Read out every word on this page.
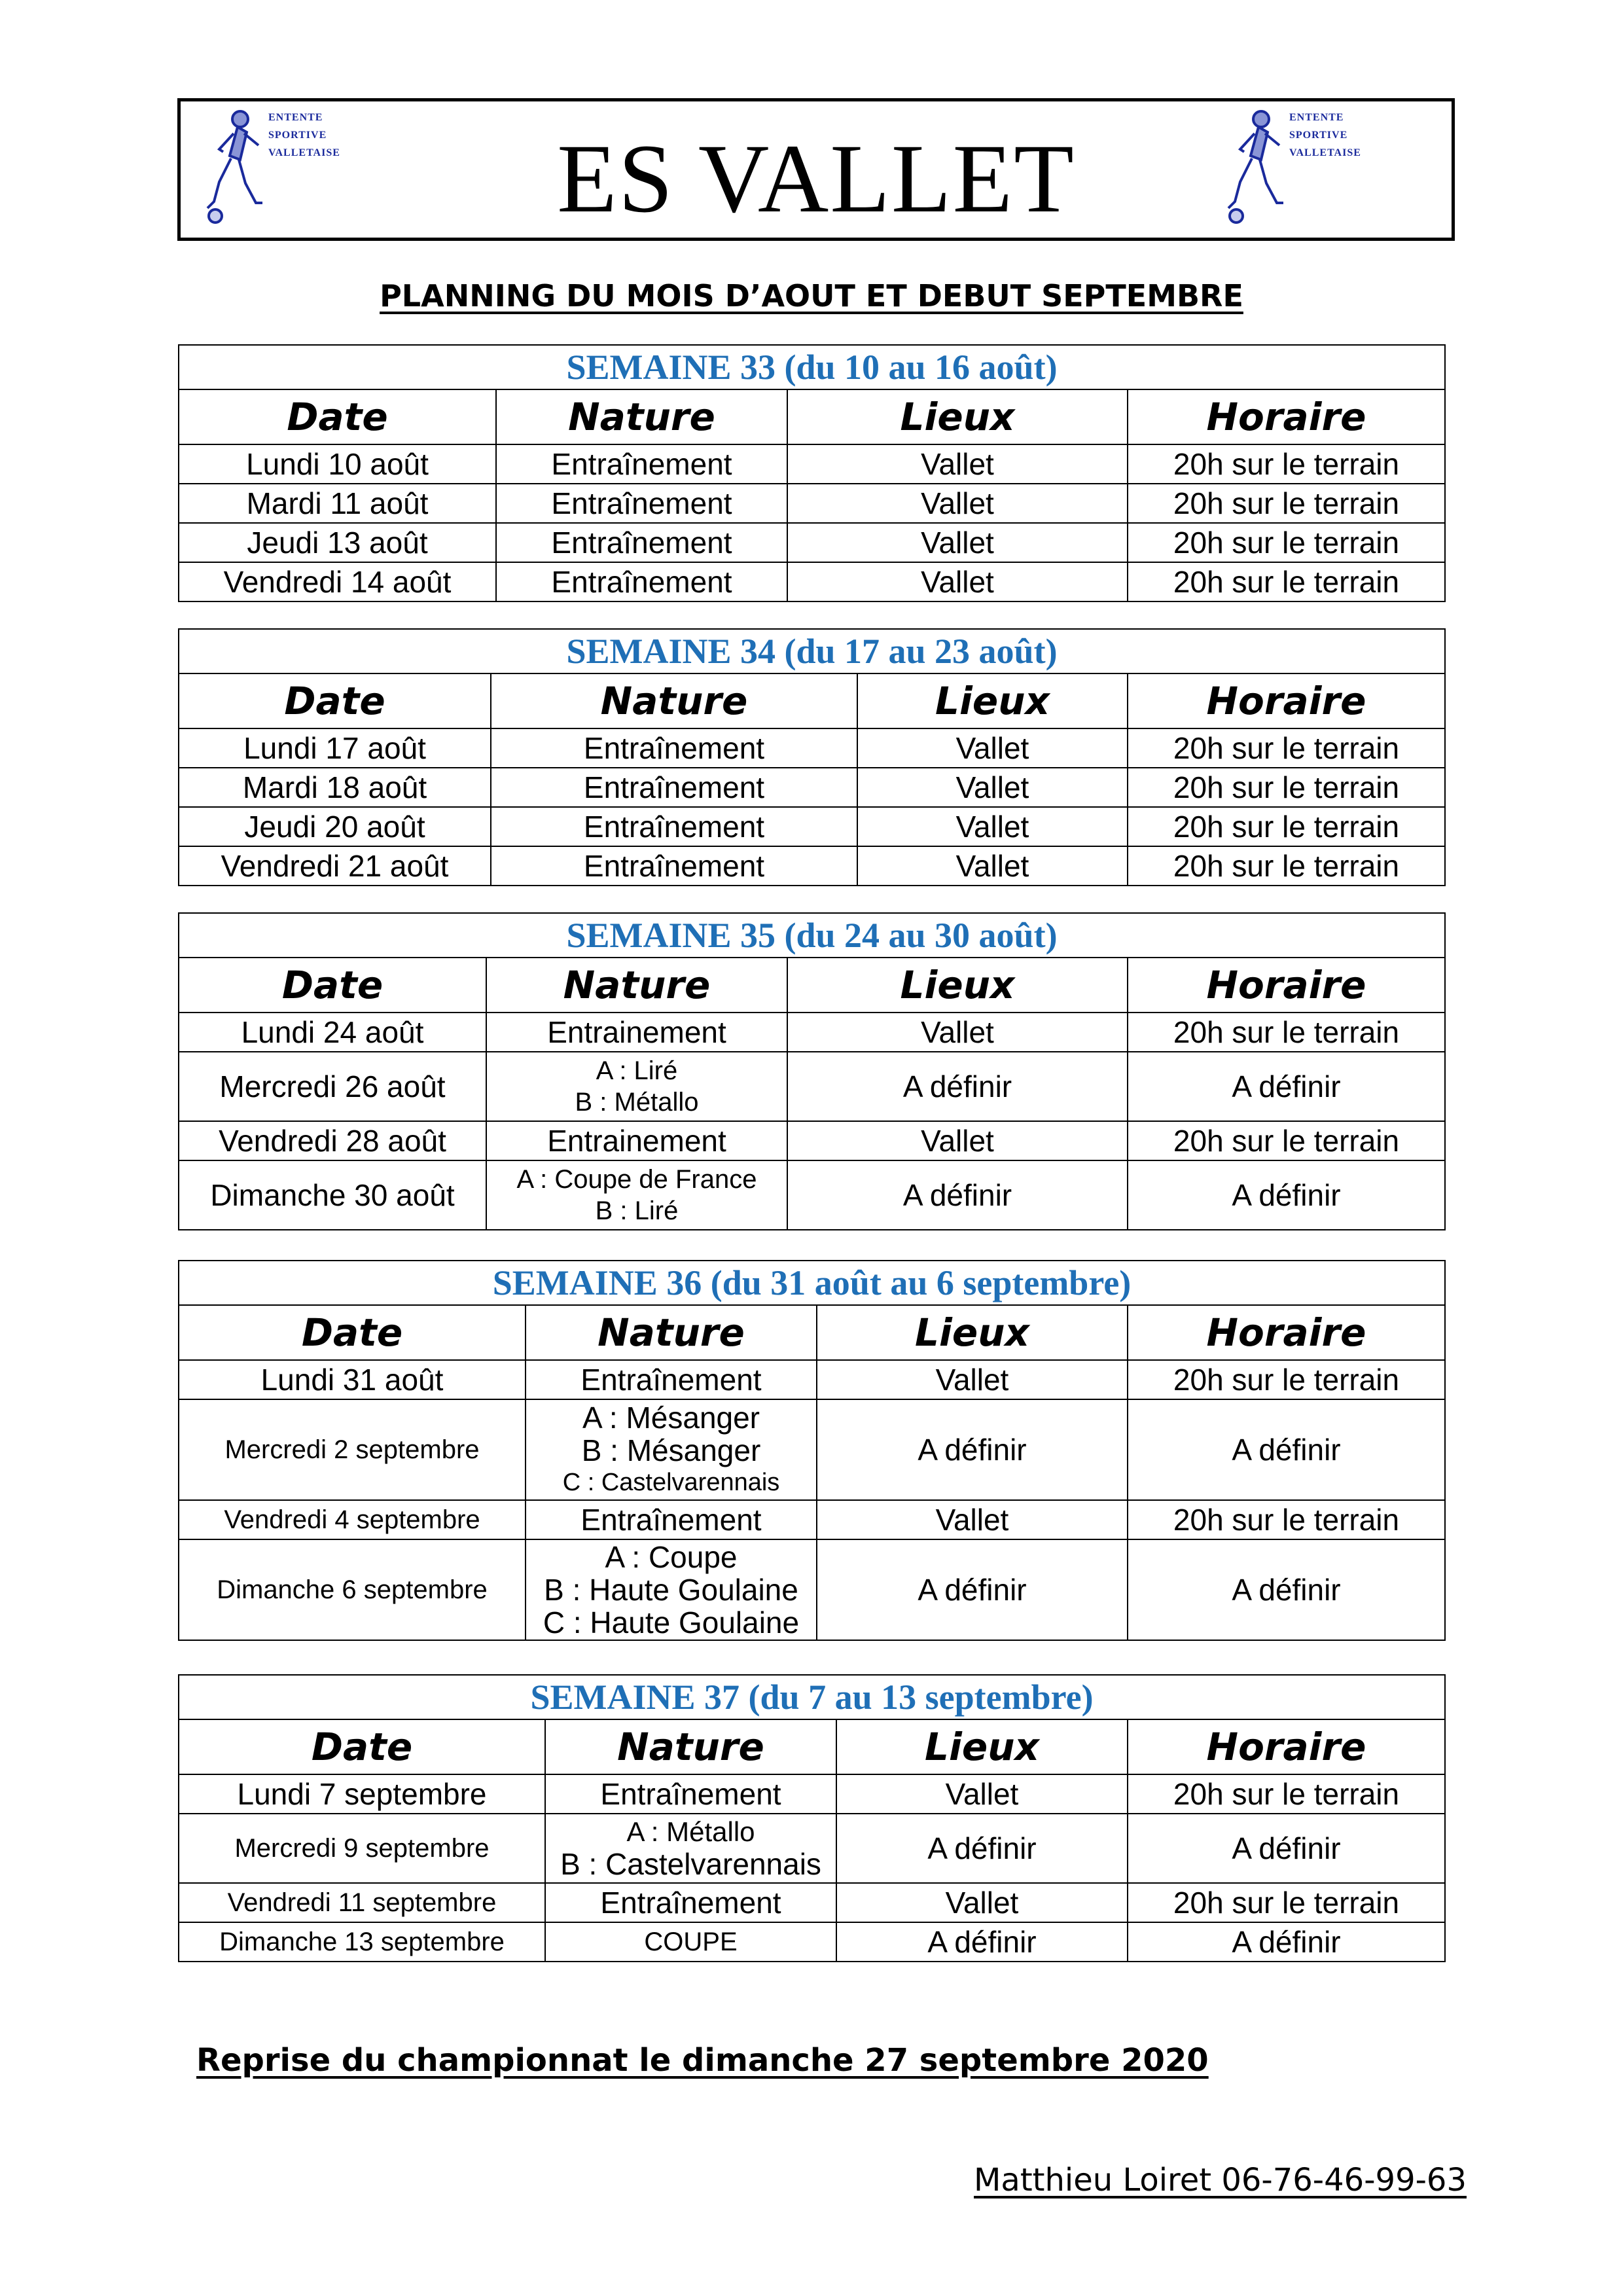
ES VALLET
ENTENTE
SPORTIVE
VALLETAISE
ENTENTE
SPORTIVE
VALLETAISE
PLANNING DU MOIS D’AOUT ET DEBUT SEPTEMBRE
SEMAINE 33 (du 10 au 16 août)			
Date	Nature	Lieux	Horaire
Lundi 10 août	Entraînement	Vallet	20h sur le terrain
Mardi 11 août	Entraînement	Vallet	20h sur le terrain
Jeudi 13 août	Entraînement	Vallet	20h sur le terrain
Vendredi 14 août	Entraînement	Vallet	20h sur le terrain
SEMAINE 34 (du 17 au 23 août)			
Date	Nature	Lieux	Horaire
Lundi 17 août	Entraînement	Vallet	20h sur le terrain
Mardi 18 août	Entraînement	Vallet	20h sur le terrain
Jeudi 20 août	Entraînement	Vallet	20h sur le terrain
Vendredi 21 août	Entraînement	Vallet	20h sur le terrain
SEMAINE 35 (du 24 au 30 août)			
Date	Nature	Lieux	Horaire
Lundi 24 août	Entrainement	Vallet	20h sur le terrain
Mercredi 26 août	A : Liré
B : Métallo	A définir	A définir
Vendredi 28 août	Entrainement	Vallet	20h sur le terrain
Dimanche 30 août	A : Coupe de France
B : Liré	A définir	A définir
SEMAINE 36 (du 31 août au 6 septembre)			
Date	Nature	Lieux	Horaire
Lundi 31 août	Entraînement	Vallet	20h sur le terrain
Mercredi 2 septembre	A : Mésanger
B : Mésanger
C : Castelvarennais	A définir	A définir
Vendredi 4 septembre	Entraînement	Vallet	20h sur le terrain
Dimanche 6 septembre	A : Coupe
B : Haute Goulaine
C : Haute Goulaine	A définir	A définir
SEMAINE 37 (du 7 au 13 septembre)			
Date	Nature	Lieux	Horaire
Lundi 7 septembre	Entraînement	Vallet	20h sur le terrain
Mercredi 9 septembre	A : Métallo
B : Castelvarennais	A définir	A définir
Vendredi 11 septembre	Entraînement	Vallet	20h sur le terrain
Dimanche 13 septembre	COUPE	A définir	A définir
Reprise du championnat le dimanche 27 septembre 2020
Matthieu Loiret 06-76-46-99-63
